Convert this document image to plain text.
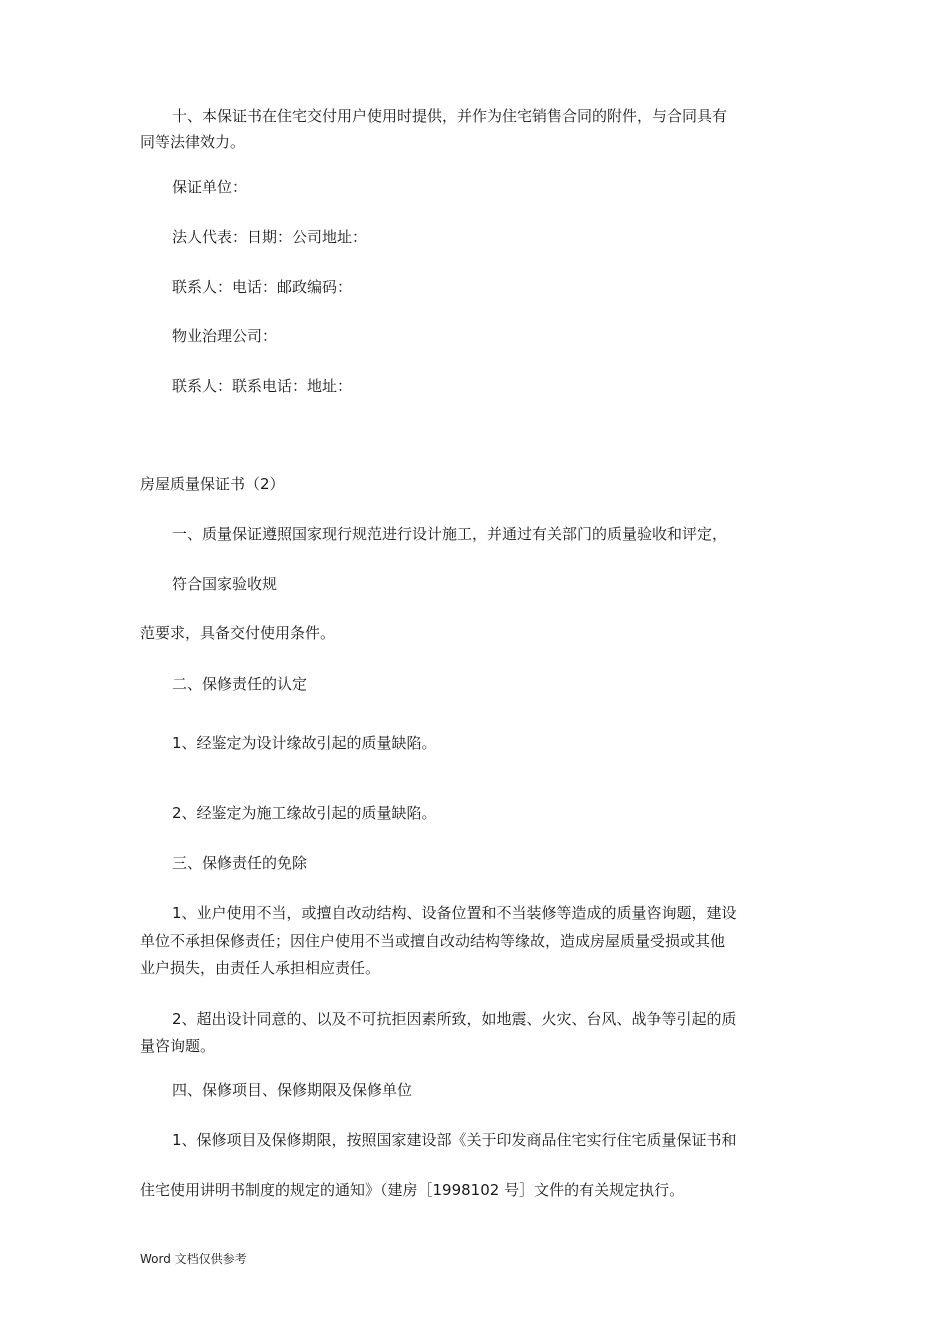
十、本保证书在住宅交付用户使用时提供，并作为住宅销售合同的附件，与合同具有
同等法律效力。
保证单位：
法人代表：日期：公司地址：
联系人：电话：邮政编码：
物业治理公司：
联系人：联系电话：地址：
房屋质量保证书（2）
一、质量保证遵照国家现行规范进行设计施工，并通过有关部门的质量验收和评定，
符合国家验收规
范要求，具备交付使用条件。
二、保修责任的认定
1、经鉴定为设计缘故引起的质量缺陷。
2、经鉴定为施工缘故引起的质量缺陷。
三、保修责任的免除
1、业户使用不当，或擅自改动结构、设备位置和不当装修等造成的质量咨询题，建设
单位不承担保修责任；因住户使用不当或擅自改动结构等缘故，造成房屋质量受损或其他
业户损失，由责任人承担相应责任。
2、超出设计同意的、以及不可抗拒因素所致，如地震、火灾、台风、战争等引起的质
量咨询题。
四、保修项目、保修期限及保修单位
1、保修项目及保修期限，按照国家建设部《关于印发商品住宅实行住宅质量保证书和
住宅使用讲明书制度的规定的通知》（建房［1998102 号］文件的有关规定执行。
Word 文档仅供参考
